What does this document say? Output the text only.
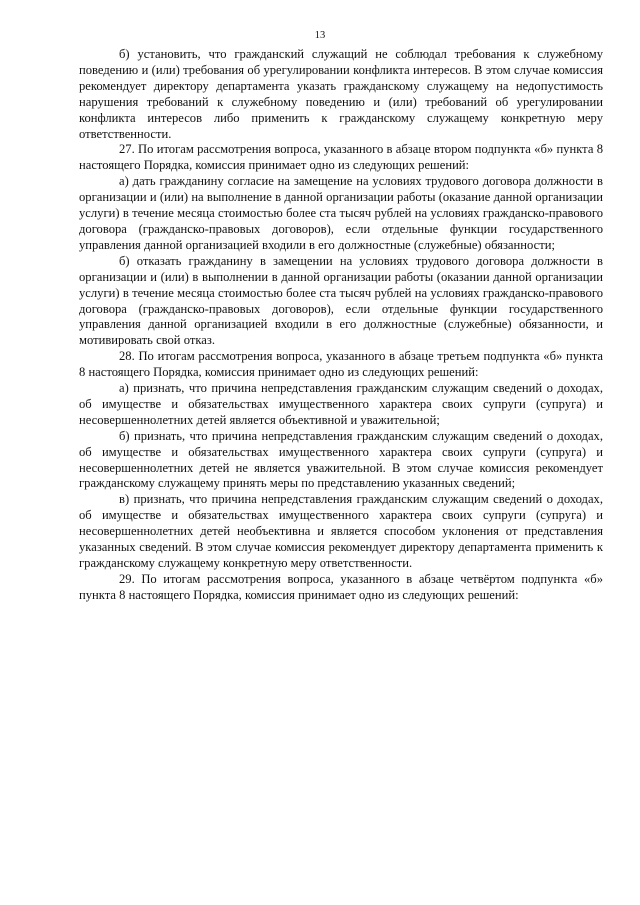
13

б) установить, что гражданский служащий не соблюдал требования к служебному поведению и (или) требования об урегулировании конфликта интересов. В этом случае комиссия рекомендует директору департамента указать гражданскому служащему на недопустимость нарушения требований к служебному поведению и (или) требований об урегулировании конфликта интересов либо применить к гражданскому служащему конкретную меру ответственности.

27. По итогам рассмотрения вопроса, указанного в абзаце втором подпункта «б» пункта 8 настоящего Порядка, комиссия принимает одно из следующих решений:

а) дать гражданину согласие на замещение на условиях трудового договора должности в организации и (или) на выполнение в данной организации работы (оказание данной организации услуги) в течение месяца стоимостью более ста тысяч рублей на условиях гражданско-правового договора (гражданско-правовых договоров), если отдельные функции государственного управления данной организацией входили в его должностные (служебные) обязанности;

б) отказать гражданину в замещении на условиях трудового договора должности в организации и (или) в выполнении в данной организации работы (оказании данной организации услуги) в течение месяца стоимостью более ста тысяч рублей на условиях гражданско-правового договора (гражданско-правовых договоров), если отдельные функции государственного управления данной организацией входили в его должностные (служебные) обязанности, и мотивировать свой отказ.

28. По итогам рассмотрения вопроса, указанного в абзаце третьем подпункта «б» пункта 8 настоящего Порядка, комиссия принимает одно из следующих решений:

а) признать, что причина непредставления гражданским служащим сведений о доходах, об имуществе и обязательствах имущественного характера своих супруги (супруга) и несовершеннолетних детей является объективной и уважительной;

б) признать, что причина непредставления гражданским служащим сведений о доходах, об имуществе и обязательствах имущественного характера своих супруги (супруга) и несовершеннолетних детей не является уважительной. В этом случае комиссия рекомендует гражданскому служащему принять меры по представлению указанных сведений;

в) признать, что причина непредставления гражданским служащим сведений о доходах, об имуществе и обязательствах имущественного характера своих супруги (супруга) и несовершеннолетних детей необъективна и является способом уклонения от представления указанных сведений. В этом случае комиссия рекомендует директору департамента применить к гражданскому служащему конкретную меру ответственности.

29. По итогам рассмотрения вопроса, указанного в абзаце четвёртом подпункта «б» пункта 8 настоящего Порядка, комиссия принимает одно из следующих решений:
